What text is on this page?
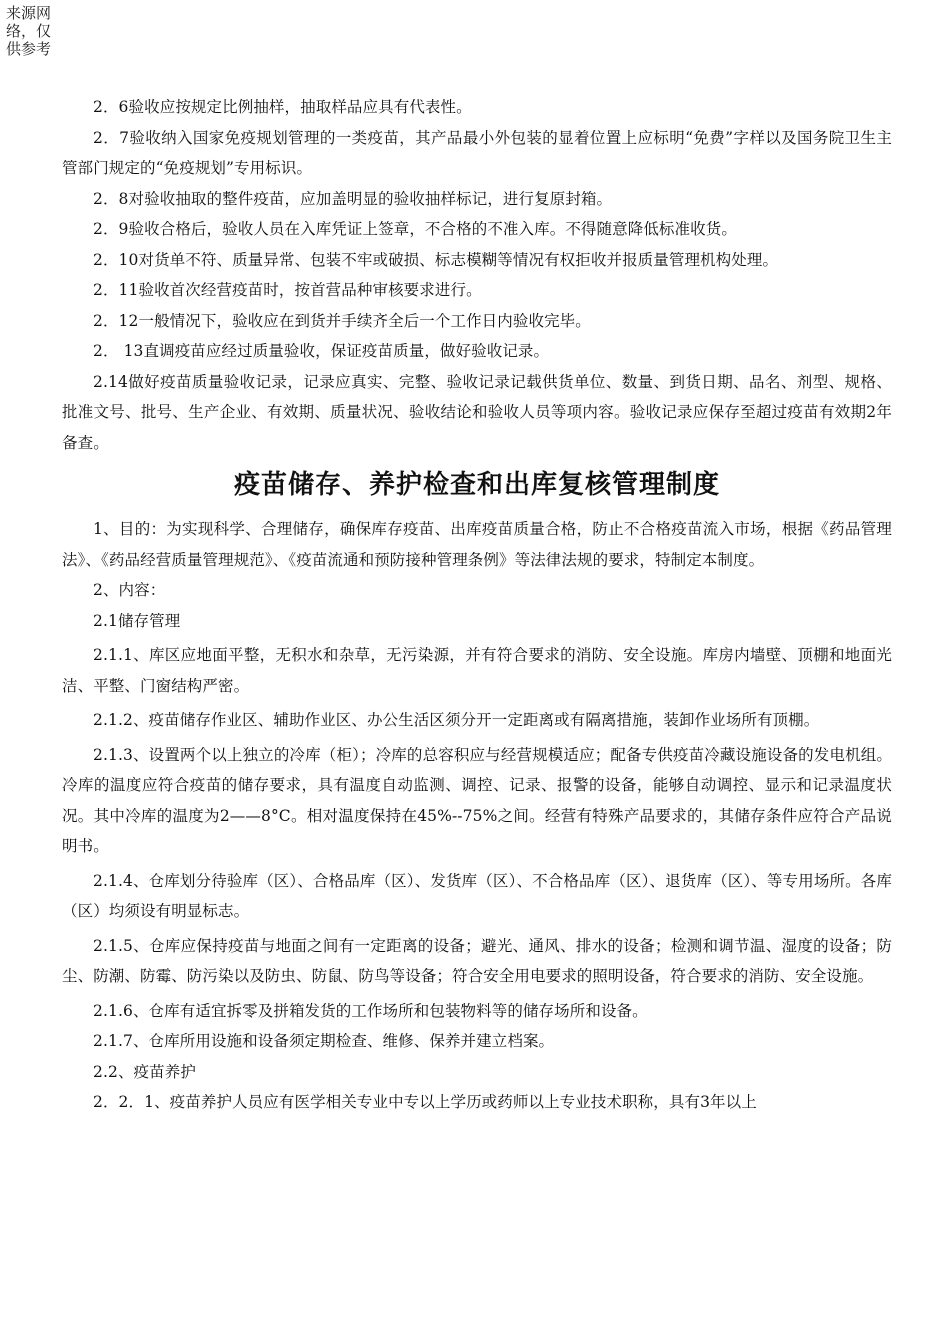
来源网络，仅供参考

2．6验收应按规定比例抽样，抽取样品应具有代表性。

2．7验收纳入国家免疫规划管理的一类疫苗，其产品最小外包装的显着位置上应标明“免费”字样以及国务院卫生主管部门规定的“免疫规划”专用标识。

2．8对验收抽取的整件疫苗，应加盖明显的验收抽样标记，进行复原封箱。

2．9验收合格后，验收人员在入库凭证上签章，不合格的不准入库。不得随意降低标准收货。

2．10对货单不符、质量异常、包装不牢或破损、标志模糊等情况有权拒收并报质量管理机构处理。

2．11验收首次经营疫苗时，按首营品种审核要求进行。

2．12一般情况下，验收应在到货并手续齐全后一个工作日内验收完毕。

2． 13直调疫苗应经过质量验收，保证疫苗质量，做好验收记录。

2.14做好疫苗质量验收记录，记录应真实、完整、验收记录记载供货单位、数量、到货日期、品名、剂型、规格、批准文号、批号、生产企业、有效期、质量状况、验收结论和验收人员等项内容。验收记录应保存至超过疫苗有效期2年备查。

疫苗储存、养护检查和出库复核管理制度

1、目的：为实现科学、合理储存，确保库存疫苗、出库疫苗质量合格，防止不合格疫苗流入市场，根据《药品管理法》、《药品经营质量管理规范》、《疫苗流通和预防接种管理条例》等法律法规的要求，特制定本制度。

2、内容：

2.1储存管理

2.1.1、库区应地面平整，无积水和杂草，无污染源，并有符合要求的消防、安全设施。库房内墙壁、顶棚和地面光洁、平整、门窗结构严密。

2.1.2、疫苗储存作业区、辅助作业区、办公生活区须分开一定距离或有隔离措施，装卸作业场所有顶棚。

2.1.3、设置两个以上独立的冷库（柜）；冷库的总容积应与经营规模适应；配备专供疫苗冷藏设施设备的发电机组。冷库的温度应符合疫苗的储存要求，具有温度自动监测、调控、记录、报警的设备，能够自动调控、显示和记录温度状况。其中冷库的温度为2——8°C。相对温度保持在45%--75%之间。经营有特殊产品要求的，其储存条件应符合产品说明书。

2.1.4、仓库划分待验库（区）、合格品库（区）、发货库（区）、不合格品库（区）、退货库（区）、等专用场所。各库（区）均须设有明显标志。

2.1.5、仓库应保持疫苗与地面之间有一定距离的设备；避光、通风、排水的设备；检测和调节温、湿度的设备；防尘、防潮、防霉、防污染以及防虫、防鼠、防鸟等设备；符合安全用电要求的照明设备，符合要求的消防、安全设施。

2.1.6、仓库有适宜拆零及拼箱发货的工作场所和包装物料等的储存场所和设备。

2.1.7、仓库所用设施和设备须定期检查、维修、保养并建立档案。

2.2、疫苗养护

2．2．1、疫苗养护人员应有医学相关专业中专以上学历或药师以上专业技术职称，具有3年以上
